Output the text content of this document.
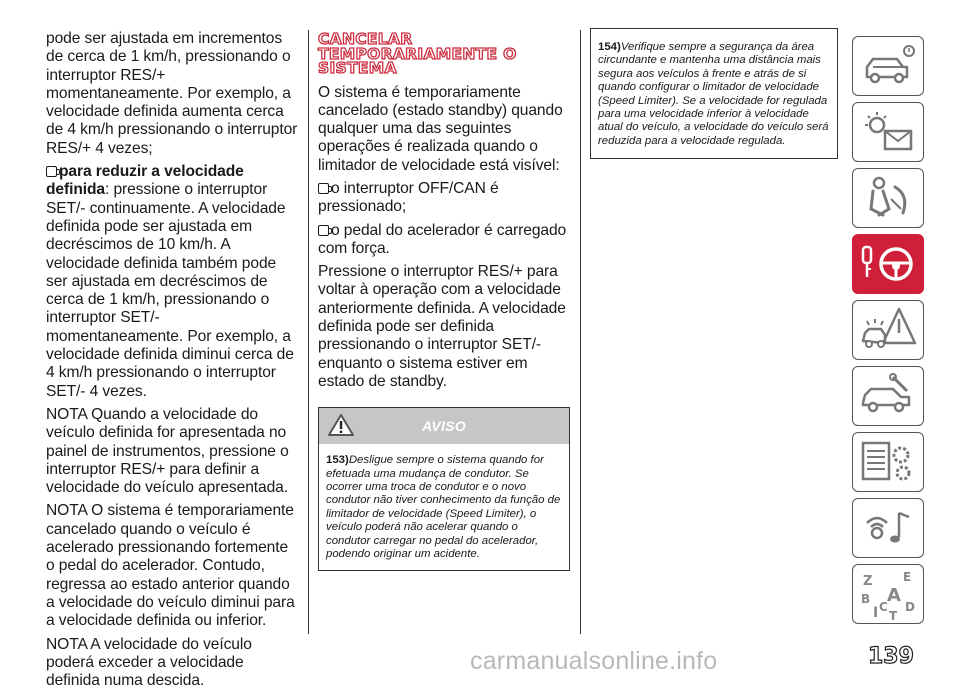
pode ser ajustada em incrementos de cerca de 1 km/h, pressionando o interruptor RES/+ momentaneamente. Por exemplo, a velocidade definida aumenta cerca de 4 km/h pressionando o interruptor RES/+ 4 vezes;

para reduzir a velocidade definida: pressione o interruptor SET/- continuamente. A velocidade definida pode ser ajustada em decréscimos de 10 km/h. A velocidade definida também pode ser ajustada em decréscimos de cerca de 1 km/h, pressionando o interruptor SET/- momentaneamente. Por exemplo, a velocidade definida diminui cerca de 4 km/h pressionando o interruptor SET/- 4 vezes.

NOTA Quando a velocidade do veículo definida for apresentada no painel de instrumentos, pressione o interruptor RES/+ para definir a velocidade do veículo apresentada.

NOTA O sistema é temporariamente cancelado quando o veículo é acelerado pressionando fortemente o pedal do acelerador. Contudo, regressa ao estado anterior quando a velocidade do veículo diminui para a velocidade definida ou inferior.

NOTA A velocidade do veículo poderá exceder a velocidade definida numa descida.

CANCELAR TEMPORARIAMENTE O SISTEMA

O sistema é temporariamente cancelado (estado standby) quando qualquer uma das seguintes operações é realizada quando o limitador de velocidade está visível:

o interruptor OFF/CAN é pressionado;

o pedal do acelerador é carregado com força.

Pressione o interruptor RES/+ para voltar à operação com a velocidade anteriormente definida. A velocidade definida pode ser definida pressionando o interruptor SET/- enquanto o sistema estiver em estado de standby.

AVISO

153)Desligue sempre o sistema quando for efetuada uma mudança de condutor. Se ocorrer uma troca de condutor e o novo condutor não tiver conhecimento da função de limitador de velocidade (Speed Limiter), o veículo poderá não acelerar quando o condutor carregar no pedal do acelerador, podendo originar um acidente.

154)Verifique sempre a segurança da área circundante e mantenha uma distância mais segura aos veículos à frente e atrás de si quando configurar o limitador de velocidade (Speed Limiter). Se a velocidade for regulada para uma velocidade inferior à velocidade atual do veículo, a velocidade do veículo será reduzida para a velocidade regulada.

Z	E
B A
I C
T
D
carmanualsonline.info	139
